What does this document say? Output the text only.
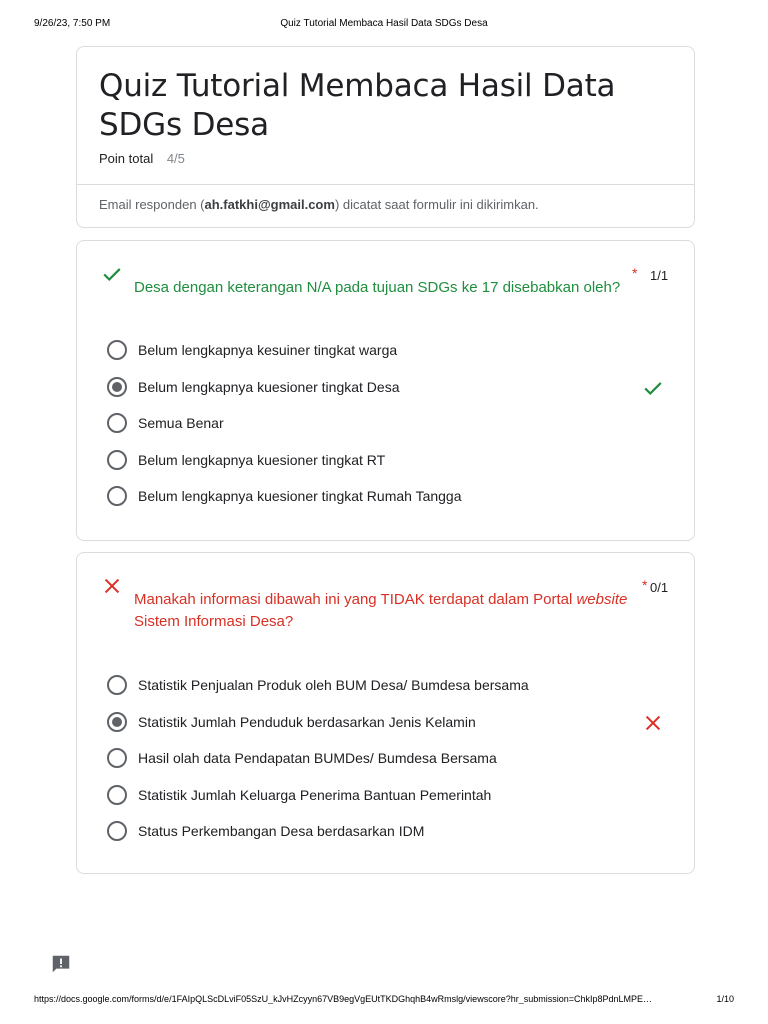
9/26/23, 7:50 PM	Quiz Tutorial Membaca Hasil Data SDGs Desa
Quiz Tutorial Membaca Hasil Data SDGs Desa
Poin total 4/5
Email responden (ah.fatkhi@gmail.com) dicatat saat formulir ini dikirimkan.
Desa dengan keterangan N/A pada tujuan SDGs ke 17 disebabkan oleh?
* 1/1
Belum lengkapnya kesuiner tingkat warga
Belum lengkapnya kuesioner tingkat Desa
Semua Benar
Belum lengkapnya kuesioner tingkat RT
Belum lengkapnya kuesioner tingkat Rumah Tangga
Manakah informasi dibawah ini yang TIDAK terdapat dalam Portal website Sistem Informasi Desa?
* 0/1
Statistik Penjualan Produk oleh BUM Desa/ Bumdesa bersama
Statistik Jumlah Penduduk berdasarkan Jenis Kelamin
Hasil olah data Pendapatan BUMDes/ Bumdesa Bersama
Statistik Jumlah Keluarga Penerima Bantuan Pemerintah
Status Perkembangan Desa berdasarkan IDM
https://docs.google.com/forms/d/e/1FAIpQLScDLviF05SzU_kJvHZcyyn67VB9egVgEUtTKDGhqhB4wRmslg/viewscore?hr_submission=ChkIp8PdnLMPE…	1/10
